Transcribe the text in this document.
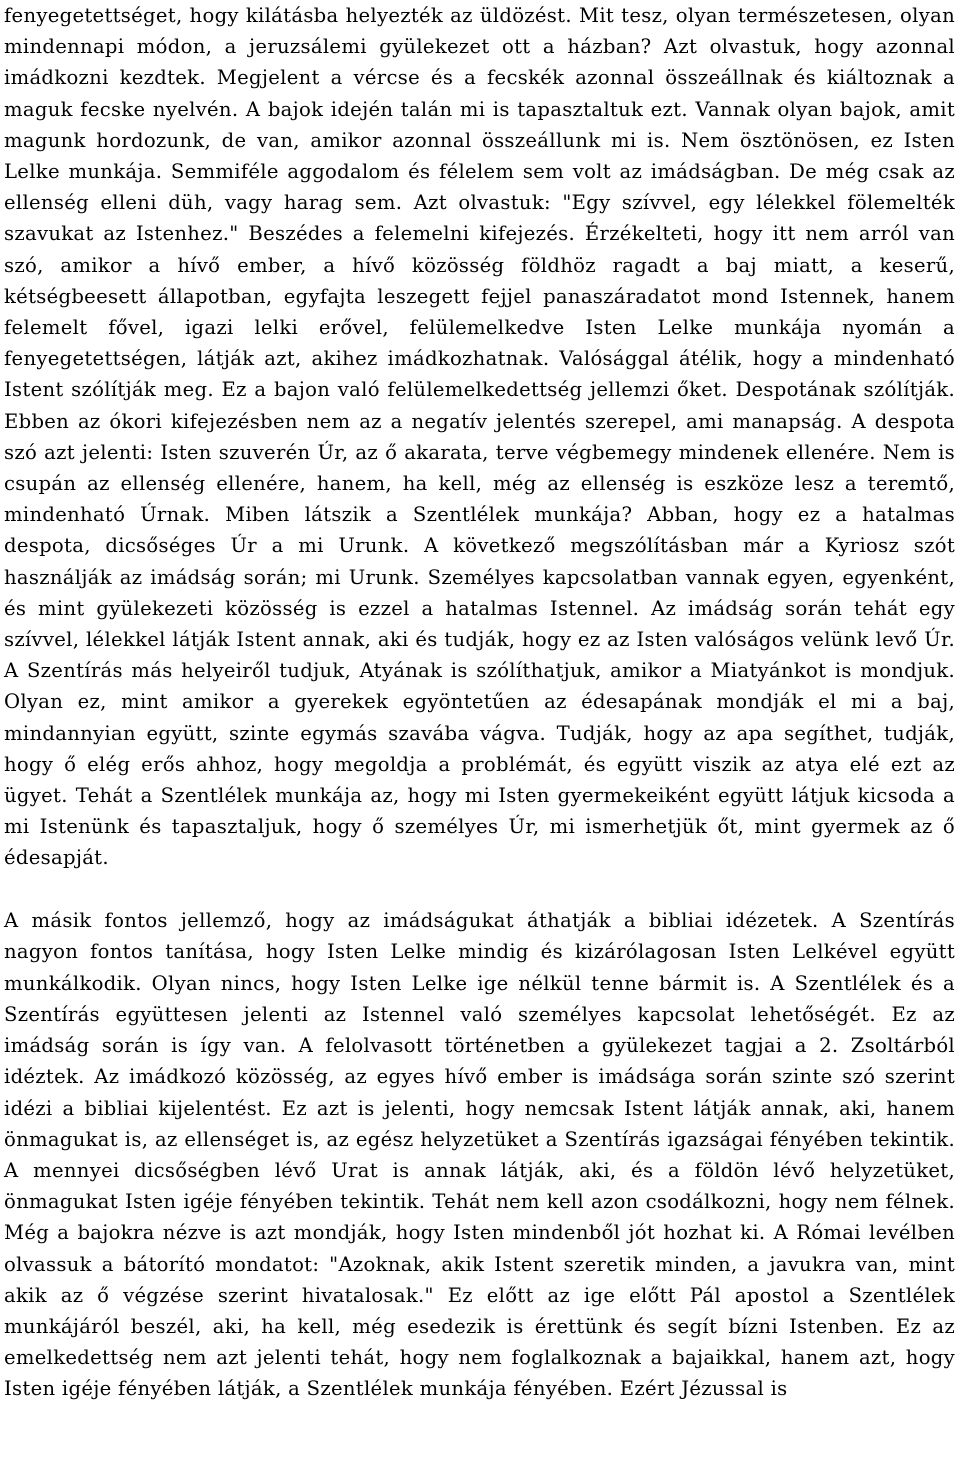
fenyegetettséget, hogy kilátásba helyezték az üldözést. Mit tesz, olyan természetesen, olyan mindennapi módon, a jeruzsálemi gyülekezet ott a házban? Azt olvastuk, hogy azonnal imádkozni kezdtek. Megjelent a vércse és a fecskék azonnal összeállnak és kiáltoznak a maguk fecske nyelvén. A bajok idején talán mi is tapasztaltuk ezt. Vannak olyan bajok, amit magunk hordozunk, de van, amikor azonnal összeállunk mi is. Nem ösztönösen, ez Isten Lelke munkája. Semmiféle aggodalom és félelem sem volt az imádságban. De még csak az ellenség elleni düh, vagy harag sem. Azt olvastuk: "Egy szívvel, egy lélekkel fölemelték szavukat az Istenhez." Beszédes a felemelni kifejezés. Érzékelteti, hogy itt nem arról van szó, amikor a hívő ember, a hívő közösség földhöz ragadt a baj miatt, a keserű, kétségbeesett állapotban, egyfajta leszegett fejjel panaszáradatot mond Istennek, hanem felemelt fővel, igazi lelki erővel, felülemelkedve Isten Lelke munkája nyomán a fenyegetettségen, látják azt, akihez imádkozhatnak. Valósággal átélik, hogy a mindenható Istent szólítják meg. Ez a bajon való felülemelkedettség jellemzi őket. Despotának szólítják. Ebben az ókori kifejezésben nem az a negatív jelentés szerepel, ami manapság. A despota szó azt jelenti: Isten szuverén Úr, az ő akarata, terve végbemegy mindenek ellenére. Nem is csupán az ellenség ellenére, hanem, ha kell, még az ellenség is eszköze lesz a teremtő, mindenható Úrnak. Miben látszik a Szentlélek munkája? Abban, hogy ez a hatalmas despota, dicsőséges Úr a mi Urunk. A következő megszólításban már a Kyriosz szót használják az imádság során; mi Urunk. Személyes kapcsolatban vannak egyen, egyenként, és mint gyülekezeti közösség is ezzel a hatalmas Istennel. Az imádság során tehát egy szívvel, lélekkel látják Istent annak, aki és tudják, hogy ez az Isten valóságos velünk levő Úr. A Szentírás más helyeiről tudjuk, Atyának is szólíthatjuk, amikor a Miatyánkot is mondjuk. Olyan ez, mint amikor a gyerekek egyöntetűen az édesapának mondják el mi a baj, mindannyian együtt, szinte egymás szavába vágva. Tudják, hogy az apa segíthet, tudják, hogy ő elég erős ahhoz, hogy megoldja a problémát, és együtt viszik az atya elé ezt az ügyet. Tehát a Szentlélek munkája az, hogy mi Isten gyermekeiként együtt látjuk kicsoda a mi Istenünk és tapasztaljuk, hogy ő személyes Úr, mi ismerhetjük őt, mint gyermek az ő édesapját.

A másik fontos jellemző, hogy az imádságukat áthatják a bibliai idézetek. A Szentírás nagyon fontos tanítása, hogy Isten Lelke mindig és kizárólagosan Isten Lelkével együtt munkálkodik. Olyan nincs, hogy Isten Lelke ige nélkül tenne bármit is. A Szentlélek és a Szentírás együttesen jelenti az Istennel való személyes kapcsolat lehetőségét. Ez az imádság során is így van. A felolvasott történetben a gyülekezet tagjai a 2. Zsoltárból idéztek. Az imádkozó közösség, az egyes hívő ember is imádsága során szinte szó szerint idézi a bibliai kijelentést. Ez azt is jelenti, hogy nemcsak Istent látják annak, aki, hanem önmagukat is, az ellenséget is, az egész helyzetüket a Szentírás igazságai fényében tekintik. A mennyei dicsőségben lévő Urat is annak látják, aki, és a földön lévő helyzetüket, önmagukat Isten igéje fényében tekintik. Tehát nem kell azon csodálkozni, hogy nem félnek. Még a bajokra nézve is azt mondják, hogy Isten mindenből jót hozhat ki. A Római levélben olvassuk a bátorító mondatot: "Azoknak, akik Istent szeretik minden, a javukra van, mint akik az ő végzése szerint hivatalosak." Ez előtt az ige előtt Pál apostol a Szentlélek munkájáról beszél, aki, ha kell, még esedezik is érettünk és segít bízni Istenben. Ez az emelkedettség nem azt jelenti tehát, hogy nem foglalkoznak a bajaikkal, hanem azt, hogy Isten igéje fényében látják, a Szentlélek munkája fényében. Ezért Jézussal is
